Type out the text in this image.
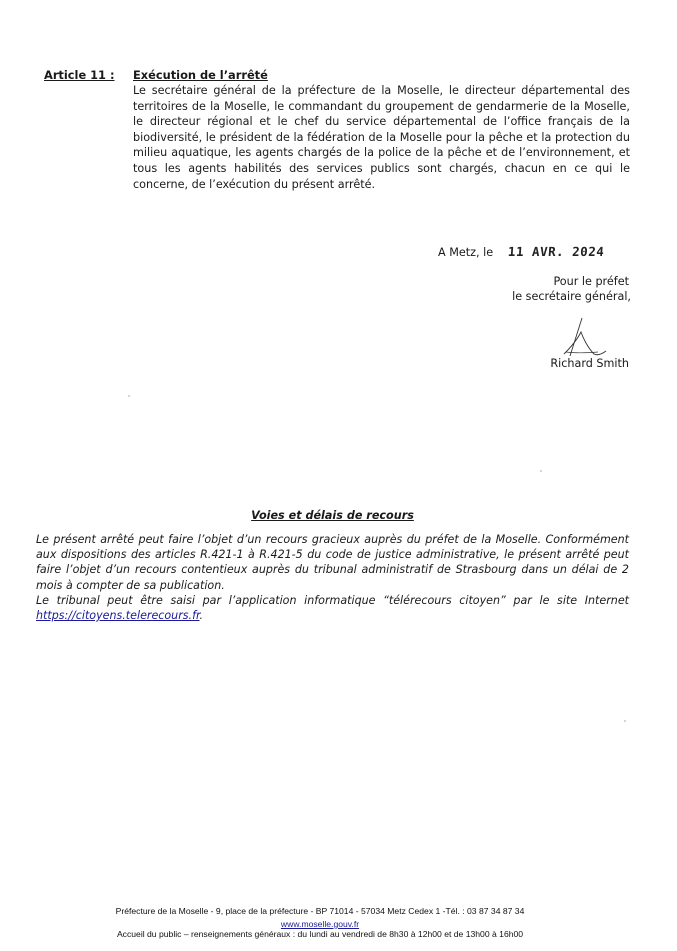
Article 11 : Exécution de l’arrêté
Le secrétaire général de la préfecture de la Moselle, le directeur départemental des territoires de la Moselle, le commandant du groupement de gendarmerie de la Moselle, le directeur régional et le chef du service départemental de l’office français de la biodiversité, le président de la fédération de la Moselle pour la pêche et la protection du milieu aquatique, les agents chargés de la police de la pêche et de l’environnement, et tous les agents habilités des services publics sont chargés, chacun en ce qui le concerne, de l’exécution du présent arrêté.
A Metz, le 11 AVR. 2024
Pour le préfet
le secrétaire général,
Richard Smith
Voies et délais de recours

Le présent arrêté peut faire l’objet d’un recours gracieux auprès du préfet de la Moselle. Conformément aux dispositions des articles R.421-1 à R.421-5 du code de justice administrative, le présent arrêté peut faire l’objet d’un recours contentieux auprès du tribunal administratif de Strasbourg dans un délai de 2 mois à compter de sa publication.

Le tribunal peut être saisi par l’application informatique “télérecours citoyen” par le site Internet https://citoyens.telerecours.fr.

Préfecture de la Moselle - 9, place de la préfecture - BP 71014 - 57034 Metz Cedex 1 -Tél. : 03 87 34 87 34
www.moselle.gouv.fr
Accueil du public – renseignements généraux : du lundi au vendredi de 8h30 à 12h00 et de 13h00 à 16h00
